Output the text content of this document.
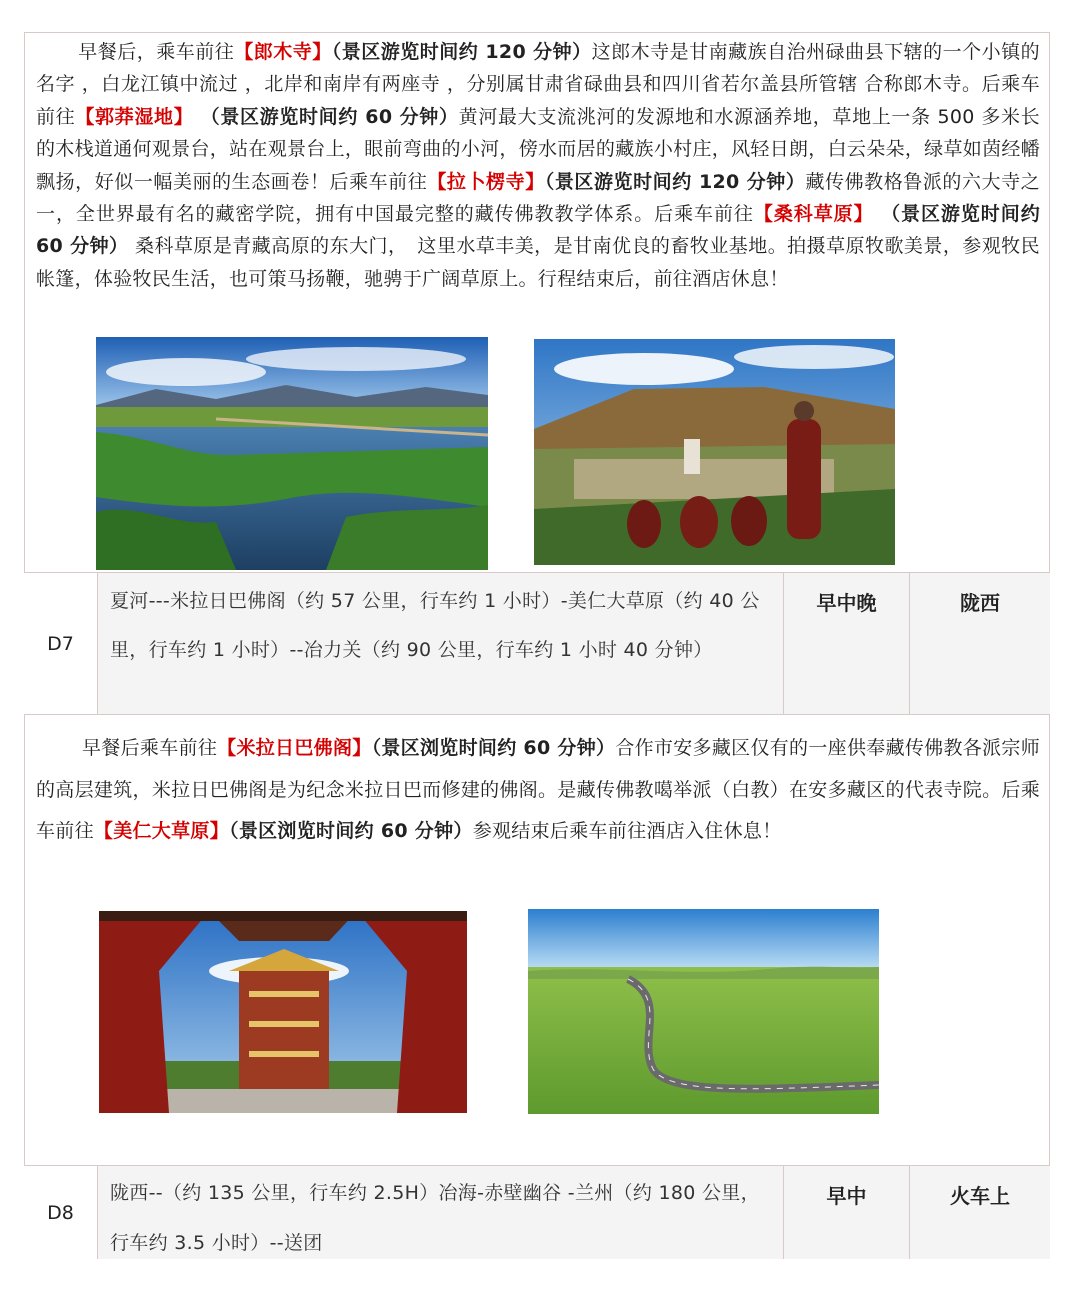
早餐后，乘车前往【郎木寺】（景区游览时间约 120 分钟）这郎木寺是甘南藏族自治州碌曲县下辖的一个小镇的名字 ，白龙江镇中流过 ，北岸和南岸有两座寺 ，分别属甘肃省碌曲县和四川省若尔盖县所管辖 合称郎木寺。后乘车前往【郭莽湿地】 （景区游览时间约 60 分钟）黄河最大支流洮河的发源地和水源涵养地，草地上一条 500 多米长的木栈道通何观景台，站在观景台上，眼前弯曲的小河，傍水而居的藏族小村庄，风轻日朗，白云朵朵，绿草如茵经幡飘扬，好似一幅美丽的生态画卷！后乘车前往【拉卜楞寺】（景区游览时间约 120 分钟）藏传佛教格鲁派的六大寺之一，全世界最有名的藏密学院，拥有中国最完整的藏传佛教教学体系。后乘车前往【桑科草原】 （景区游览时间约 60 分钟） 桑科草原是青藏高原的东大门，　这里水草丰美，是甘南优良的畜牧业基地。拍摄草原牧歌美景，参观牧民帐篷，体验牧民生活，也可策马扬鞭，驰骋于广阔草原上。行程结束后，前往酒店休息！

D7
夏河---米拉日巴佛阁（约 57 公里，行车约 1 小时）-美仁大草原（约 40 公里，行车约 1 小时）--冶力关（约 90 公里，行车约 1 小时 40 分钟）
早中晚	陇西

早餐后乘车前往【米拉日巴佛阁】（景区浏览时间约 60 分钟）合作市安多藏区仅有的一座供奉藏传佛教各派宗师的高层建筑，米拉日巴佛阁是为纪念米拉日巴而修建的佛阁。是藏传佛教噶举派（白教）在安多藏区的代表寺院。后乘车前往【美仁大草原】（景区浏览时间约 60 分钟）参观结束后乘车前往酒店入住休息！

D8
陇西--（约 135 公里，行车约 2.5H）冶海-赤壁幽谷 -兰州（约 180 公里，行车约 3.5 小时）--送团
早中	火车上
